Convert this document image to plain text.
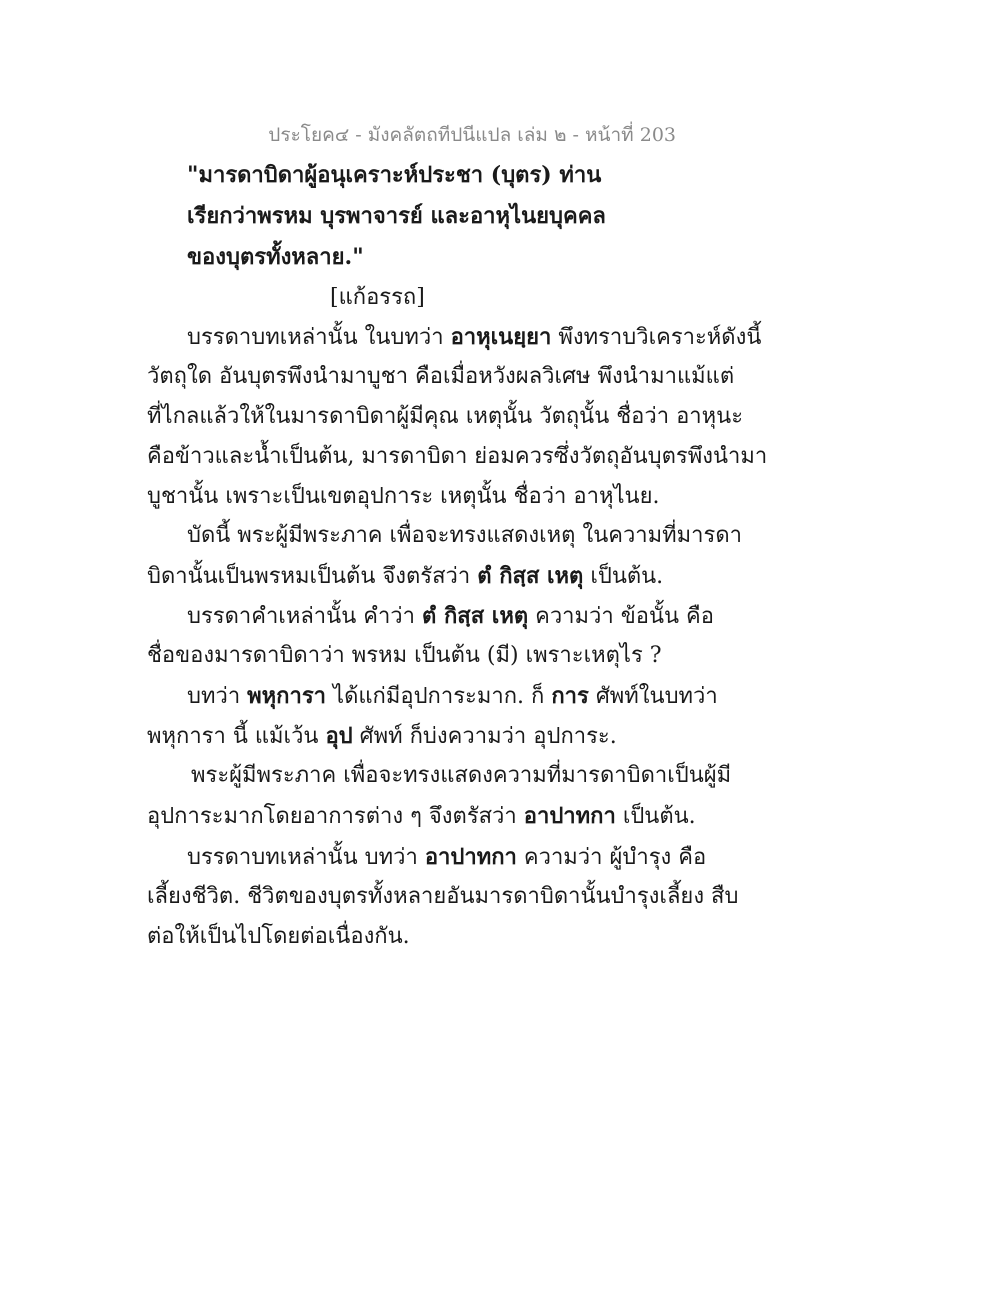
ประโยค๔ - มังคลัตถทีปนีแปล เล่ม ๒ - หน้าที่ 203
"มารดาบิดาผู้อนุเคราะห์ประชา (บุตร) ท่าน
เรียกว่าพรหม บุรพาจารย์ และอาหุไนยบุคคล
ของบุตรทั้งหลาย."
[แก้อรรถ]
บรรดาบทเหล่านั้น ในบทว่า อาหุเนยฺยา พึงทราบวิเคราะห์ดังนี้
วัตถุใด อันบุตรพึงนำมาบูชา คือเมื่อหวังผลวิเศษ พึงนำมาแม้แต่
ที่ไกลแล้วให้ในมารดาบิดาผู้มีคุณ เหตุนั้น วัตถุนั้น ชื่อว่า อาหุนะ
คือข้าวและน้ำเป็นต้น, มารดาบิดา ย่อมควรซึ่งวัตถุอันบุตรพึงนำมา
บูชานั้น เพราะเป็นเขตอุปการะ เหตุนั้น ชื่อว่า อาหุไนย.
บัดนี้ พระผู้มีพระภาค เพื่อจะทรงแสดงเหตุ ในความที่มารดา
บิดานั้นเป็นพรหมเป็นต้น จึงตรัสว่า ตํ กิสฺส เหตุ เป็นต้น.
บรรดาคำเหล่านั้น คำว่า ตํ กิสฺส เหตุ ความว่า ข้อนั้น คือ
ชื่อของมารดาบิดาว่า พรหม เป็นต้น (มี) เพราะเหตุไร ?
บทว่า พหุการา ได้แก่มีอุปการะมาก. ก็ การ ศัพท์ในบทว่า
พหุการา นี้ แม้เว้น อุป ศัพท์ ก็บ่งความว่า อุปการะ.
พระผู้มีพระภาค เพื่อจะทรงแสดงความที่มารดาบิดาเป็นผู้มี
อุปการะมากโดยอาการต่าง ๆ จึงตรัสว่า อาปาทกา เป็นต้น.
บรรดาบทเหล่านั้น บทว่า อาปาทกา ความว่า ผู้บำรุง คือ
เลี้ยงชีวิต. ชีวิตของบุตรทั้งหลายอันมารดาบิดานั้นบำรุงเลี้ยง สืบ
ต่อให้เป็นไปโดยต่อเนื่องกัน.
